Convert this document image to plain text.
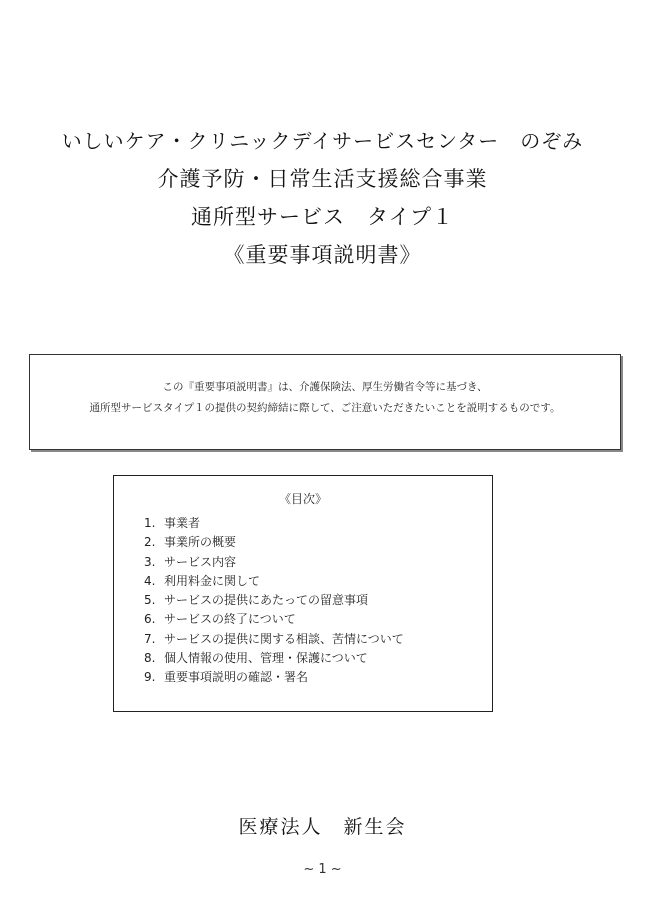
いしいケア・クリニックデイサービスセンター　のぞみ
介護予防・日常生活支援総合事業
通所型サービス　タイプ１
《重要事項説明書》
この『重要事項説明書』は、介護保険法、厚生労働省令等に基づき、
通所型サービスタイプ１の提供の契約締結に際して、ご注意いただきたいことを説明するものです。
《目次》
1. 事業者
2. 事業所の概要
3. サービス内容
4. 利用料金に関して
5. サービスの提供にあたっての留意事項
6. サービスの終了について
7. サービスの提供に関する相談、苦情について
8. 個人情報の使用、管理・保護について
9. 重要事項説明の確認・署名
医療法人　新生会
~ 1 ~
